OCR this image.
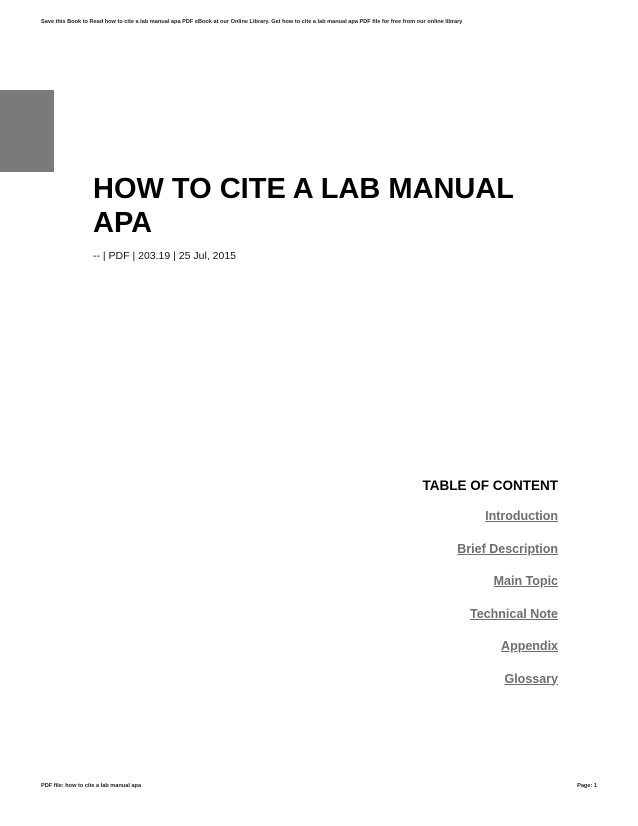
Save this Book to Read how to cite a lab manual apa PDF eBook at our Online Library. Get how to cite a lab manual apa PDF file for free from our online library
HOW TO CITE A LAB MANUAL APA
-- | PDF | 203.19 | 25 Jul, 2015
TABLE OF CONTENT
Introduction
Brief Description
Main Topic
Technical Note
Appendix
Glossary
PDF file: how to cite a lab manual apa	Page: 1
